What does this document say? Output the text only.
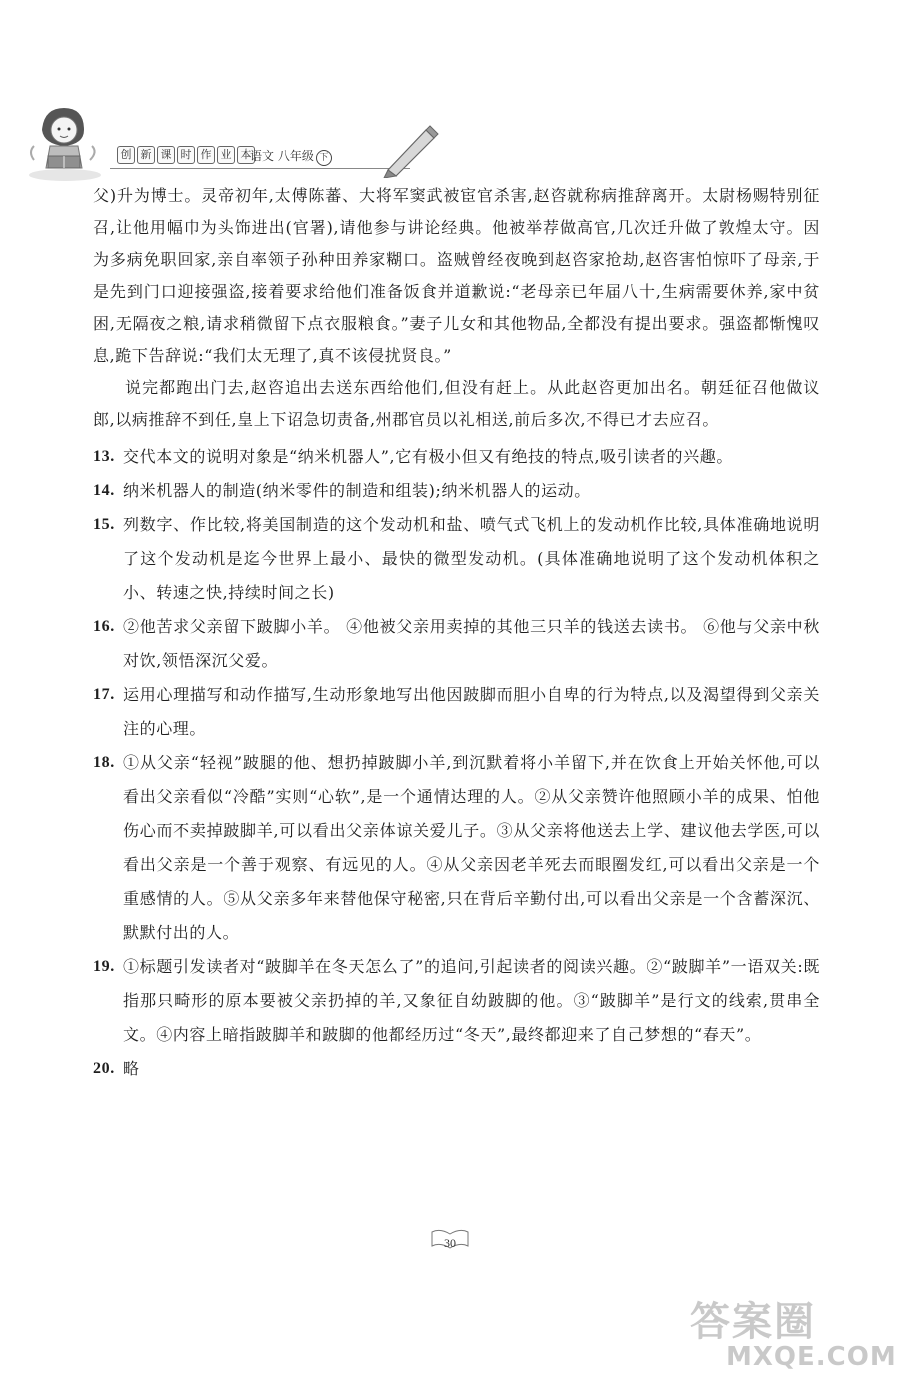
创 新 课 时 作 业 本
语文 八年级 下

父)升为博士。灵帝初年,太傅陈蕃、大将军窦武被宦官杀害,赵咨就称病推辞离开。太尉杨赐特别征召,让他用幅巾为头饰进出(官署),请他参与讲论经典。他被举荐做高官,几次迁升做了敦煌太守。因为多病免职回家,亲自率领子孙种田养家糊口。盗贼曾经夜晚到赵咨家抢劫,赵咨害怕惊吓了母亲,于是先到门口迎接强盗,接着要求给他们准备饭食并道歉说:“老母亲已年届八十,生病需要休养,家中贫困,无隔夜之粮,请求稍微留下点衣服粮食。”妻子儿女和其他物品,全都没有提出要求。强盗都惭愧叹息,跪下告辞说:“我们太无理了,真不该侵扰贤良。”

说完都跑出门去,赵咨追出去送东西给他们,但没有赶上。从此赵咨更加出名。朝廷征召他做议郎,以病推辞不到任,皇上下诏急切责备,州郡官员以礼相送,前后多次,不得已才去应召。

13. 交代本文的说明对象是“纳米机器人”,它有极小但又有绝技的特点,吸引读者的兴趣。
14. 纳米机器人的制造(纳米零件的制造和组装);纳米机器人的运动。
15. 列数字、作比较,将美国制造的这个发动机和盐、喷气式飞机上的发动机作比较,具体准确地说明了这个发动机是迄今世界上最小、最快的微型发动机。(具体准确地说明了这个发动机体积之小、转速之快,持续时间之长)
16. ②他苦求父亲留下跛脚小羊。 ④他被父亲用卖掉的其他三只羊的钱送去读书。 ⑥他与父亲中秋对饮,领悟深沉父爱。
17. 运用心理描写和动作描写,生动形象地写出他因跛脚而胆小自卑的行为特点,以及渴望得到父亲关注的心理。
18. ①从父亲“轻视”跛腿的他、想扔掉跛脚小羊,到沉默着将小羊留下,并在饮食上开始关怀他,可以看出父亲看似“冷酷”实则“心软”,是一个通情达理的人。②从父亲赞许他照顾小羊的成果、怕他伤心而不卖掉跛脚羊,可以看出父亲体谅关爱儿子。③从父亲将他送去上学、建议他去学医,可以看出父亲是一个善于观察、有远见的人。④从父亲因老羊死去而眼圈发红,可以看出父亲是一个重感情的人。⑤从父亲多年来替他保守秘密,只在背后辛勤付出,可以看出父亲是一个含蓄深沉、默默付出的人。
19. ①标题引发读者对“跛脚羊在冬天怎么了”的追问,引起读者的阅读兴趣。②“跛脚羊”一语双关:既指那只畸形的原本要被父亲扔掉的羊,又象征自幼跛脚的他。③“跛脚羊”是行文的线索,贯串全文。④内容上暗指跛脚羊和跛脚的他都经历过“冬天”,最终都迎来了自己梦想的“春天”。
20. 略
30
答案圈
MXQE.COM
